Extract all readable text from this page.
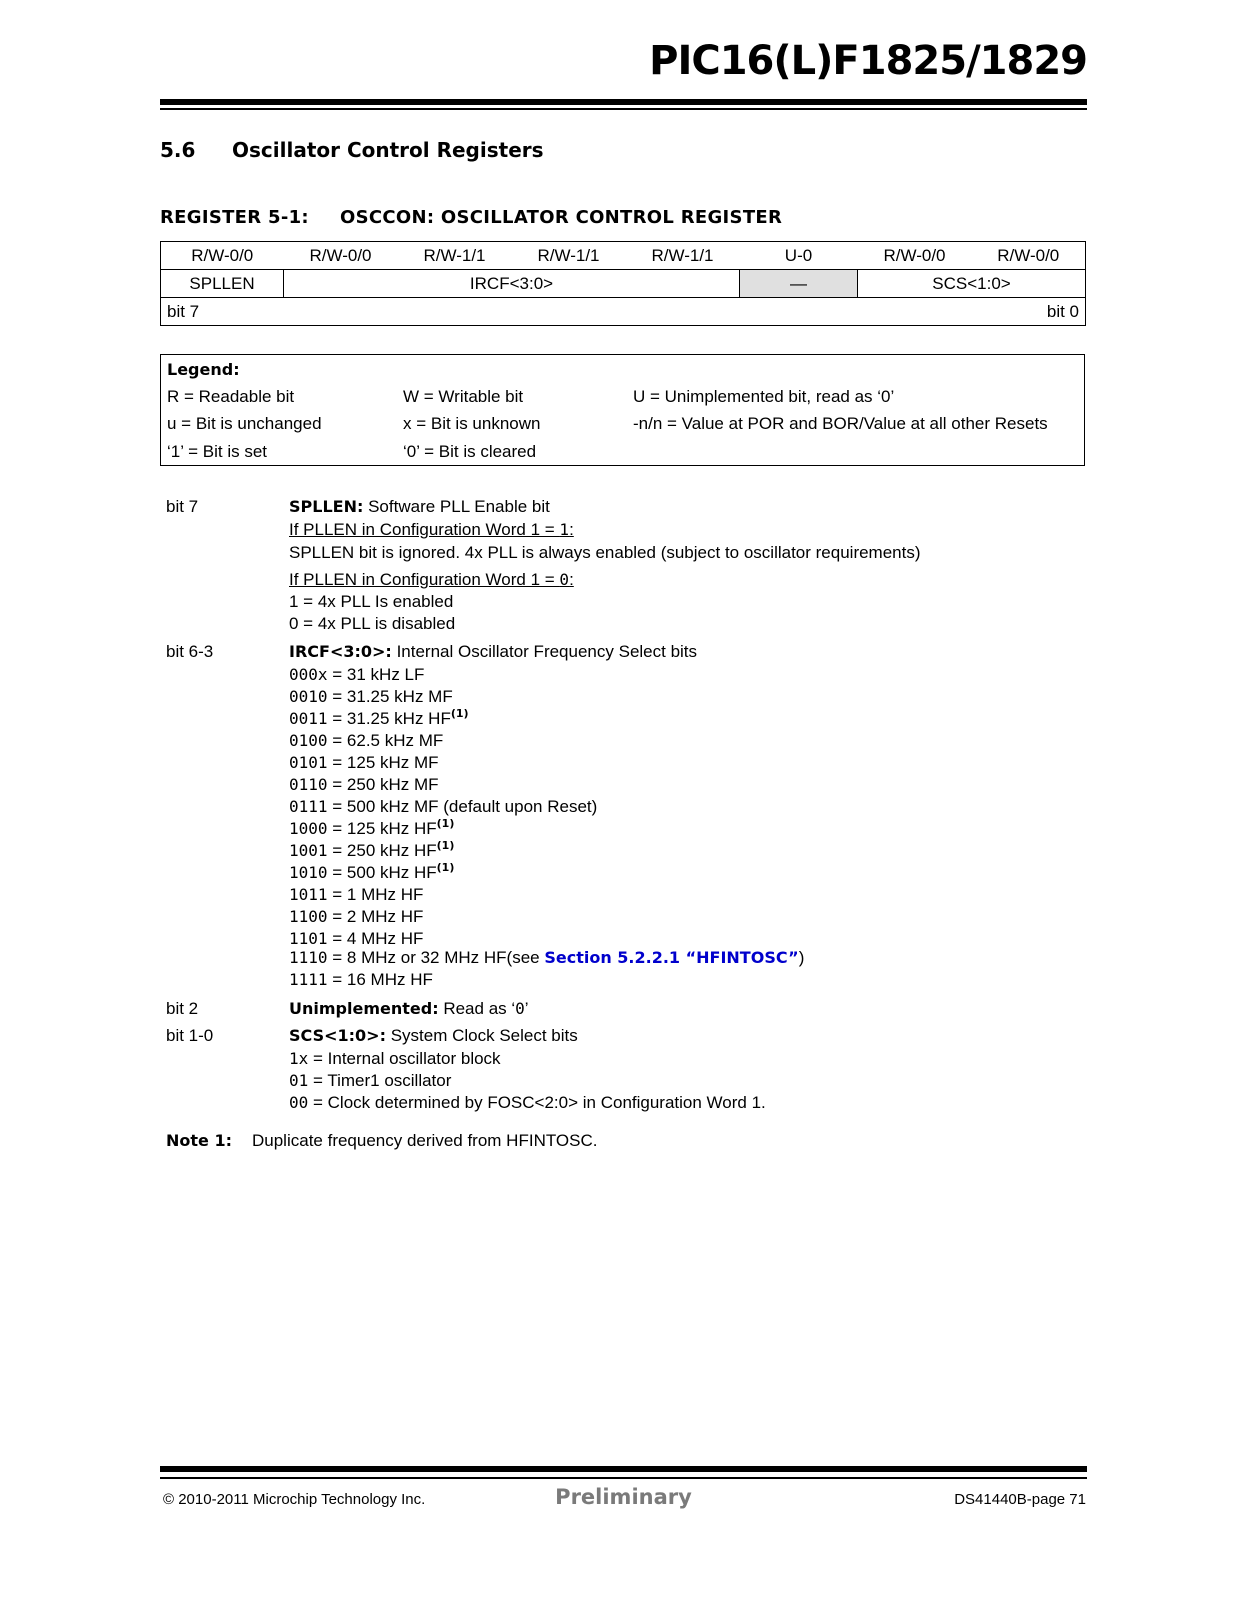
PIC16(L)F1825/1829
5.6 Oscillator Control Registers
REGISTER 5-1: OSCCON: OSCILLATOR CONTROL REGISTER
R/W-0/0	R/W-0/0	R/W-1/1	R/W-1/1	R/W-1/1	U-0	R/W-0/0	R/W-0/0
SPLLEN	IRCF<3:0>				—	SCS<1:0>	

bit 7 bit 0							
Legend:
R = Readable bit	W = Writable bit	U = Unimplemented bit, read as ‘0’
u = Bit is unchanged	x = Bit is unknown	-n/n = Value at POR and BOR/Value at all other Resets
‘1’ = Bit is set	‘0’ = Bit is cleared
bit 7	SPLLEN: Software PLL Enable bit
If PLLEN in Configuration Word 1 = 1:
SPLLEN bit is ignored. 4x PLL is always enabled (subject to oscillator requirements)
If PLLEN in Configuration Word 1 = 0:
1 = 4x PLL Is enabled
0 = 4x PLL is disabled
bit 6-3	IRCF<3:0>: Internal Oscillator Frequency Select bits
000x = 31 kHz LF
0010 = 31.25 kHz MF
0011 = 31.25 kHz HF$^{(1)}$
0100 = 62.5 kHz MF
0101 = 125 kHz MF
0110 = 250 kHz MF
0111 = 500 kHz MF (default upon Reset)
1000 = 125 kHz HF$^{(1)}$
1001 = 250 kHz HF$^{(1)}$
1010 = 500 kHz HF$^{(1)}$
1011 = 1 MHz HF
1100 = 2 MHz HF
1101 = 4 MHz HF
1110 = 8 MHz or 32 MHz HF(see Section 5.2.2.1 “HFINTOSC”)
1111 = 16 MHz HF
bit 2	Unimplemented: Read as ‘0’
bit 1-0	SCS<1:0>: System Clock Select bits
1x = Internal oscillator block
01 = Timer1 oscillator
00 = Clock determined by FOSC<2:0> in Configuration Word 1.
Note 1: Duplicate frequency derived from HFINTOSC.
© 2010-2011 Microchip Technology Inc.	Preliminary	DS41440B-page 71
